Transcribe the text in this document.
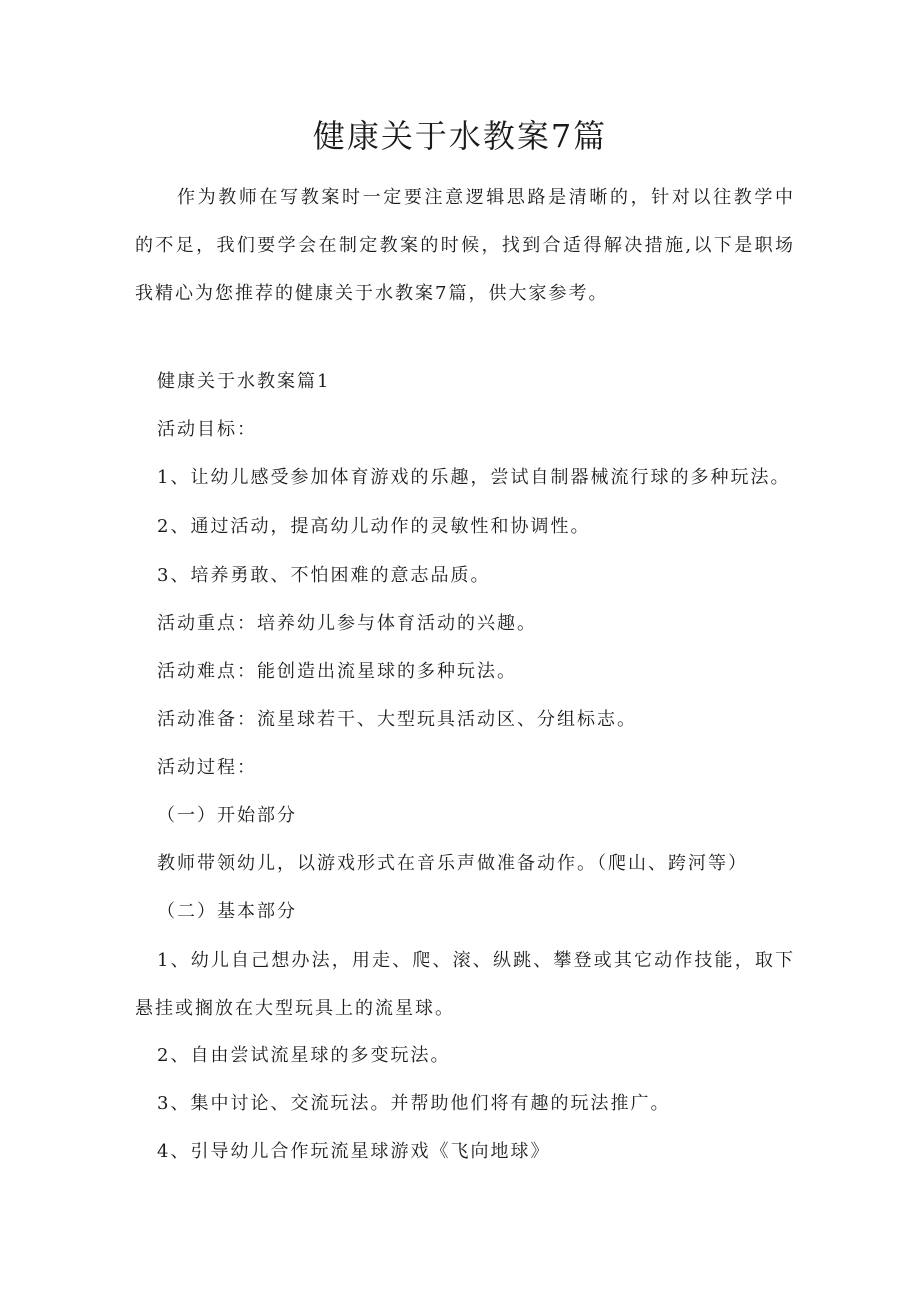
健康关于水教案7篇
作为教师在写教案时一定要注意逻辑思路是清晰的，针对以往教学中的不足，我们要学会在制定教案的时候，找到合适得解决措施,以下是职场我精心为您推荐的健康关于水教案7篇，供大家参考。
健康关于水教案篇1
活动目标：
1、让幼儿感受参加体育游戏的乐趣，尝试自制器械流行球的多种玩法。
2、通过活动，提高幼儿动作的灵敏性和协调性。
3、培养勇敢、不怕困难的意志品质。
活动重点：培养幼儿参与体育活动的兴趣。
活动难点：能创造出流星球的多种玩法。
活动准备：流星球若干、大型玩具活动区、分组标志。
活动过程：
（一）开始部分
教师带领幼儿，以游戏形式在音乐声做准备动作。（爬山、跨河等）
（二）基本部分
1、幼儿自己想办法，用走、爬、滚、纵跳、攀登或其它动作技能，取下悬挂或搁放在大型玩具上的流星球。
2、自由尝试流星球的多变玩法。
3、集中讨论、交流玩法。并帮助他们将有趣的玩法推广。
4、引导幼儿合作玩流星球游戏《飞向地球》
